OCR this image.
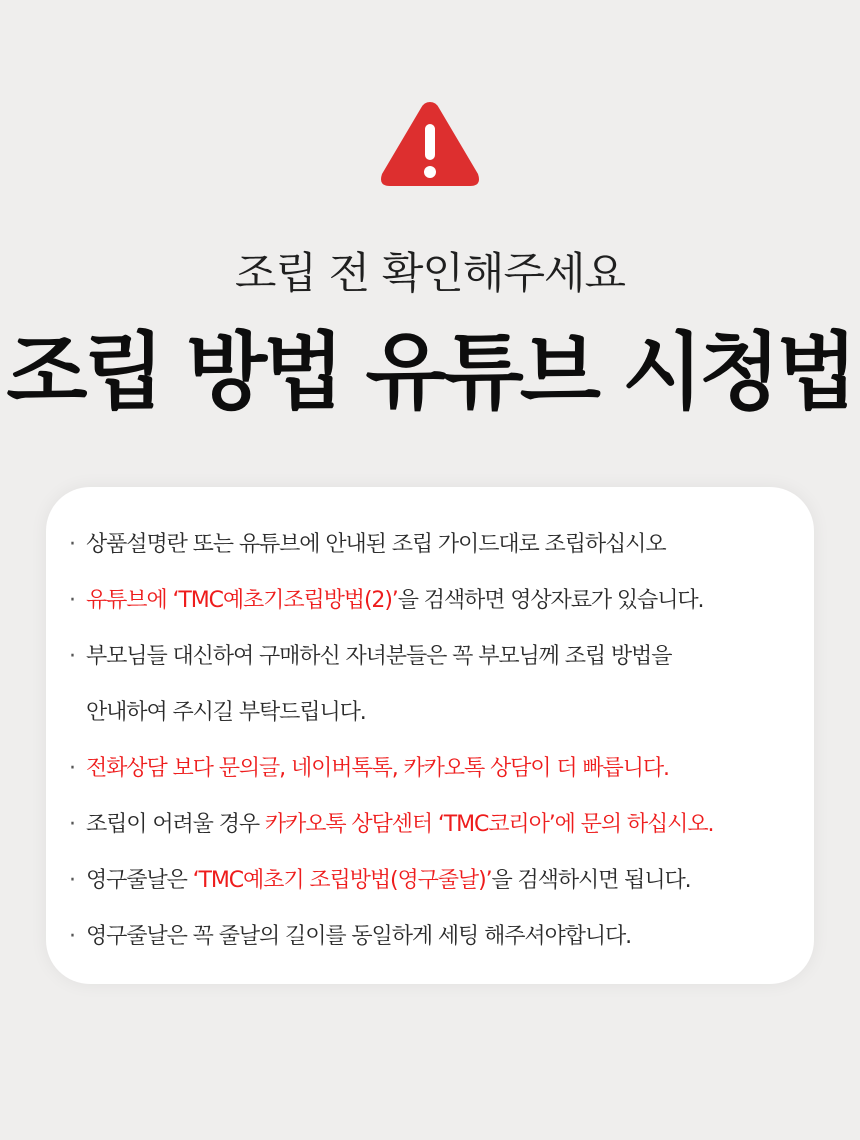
조립 전 확인해주세요
조립 방법 유튜브 시청법
· 상품설명란 또는 유튜브에 안내된 조립 가이드대로 조립하십시오
· 유튜브에 ‘TMC예초기조립방법(2)’을 검색하면 영상자료가 있습니다.
· 부모님들 대신하여 구매하신 자녀분들은 꼭 부모님께 조립 방법을
안내하여 주시길 부탁드립니다.
· 전화상담 보다 문의글, 네이버톡톡, 카카오톡 상담이 더 빠릅니다.
· 조립이 어려울 경우 카카오톡 상담센터 ‘TMC코리아’에 문의 하십시오.
· 영구줄날은 ‘TMC예초기 조립방법(영구줄날)’을 검색하시면 됩니다.
· 영구줄날은 꼭 줄날의 길이를 동일하게 세팅 해주셔야합니다.
